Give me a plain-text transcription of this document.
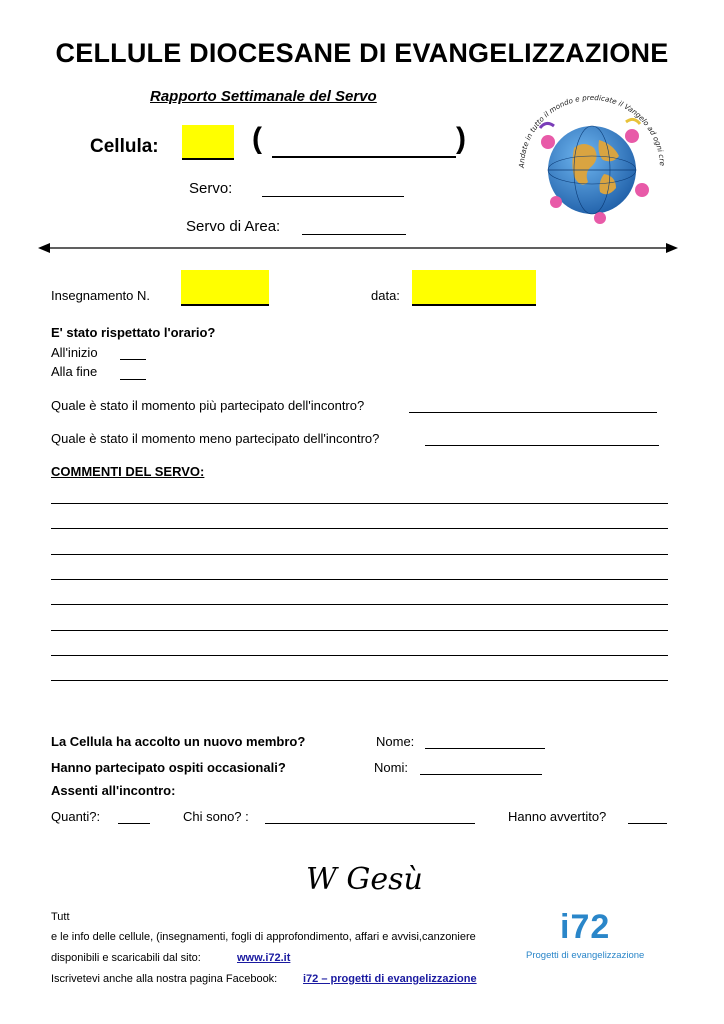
CELLULE DIOCESANE DI EVANGELIZZAZIONE
Rapporto Settimanale del Servo
Cellula:	(	)
Servo:
Servo di Area:
Andate in tutto il mondo e predicate il Vangelo ad ogni cre
Insegnamento N.	data:
E' stato rispettato l'orario?
All'inizio
Alla fine
Quale è stato il momento più partecipato dell'incontro?
Quale è stato il momento meno partecipato dell'incontro?
COMMENTI DEL SERVO:
La Cellula ha accolto un nuovo membro?	Nome:
Hanno partecipato ospiti occasionali?	Nomi:
Assenti all'incontro:
Quanti?:	Chi sono? :	Hanno avvertito?
W Gesù
Tutt
e le info delle cellule, (insegnamenti, fogli di approfondimento, affari e avvisi,canzoniere
disponibili e scaricabili dal sito:	www.i72.it
Iscrivetevi anche alla nostra pagina Facebook: i72 – progetti di evangelizzazione
i72
Progetti di evangelizzazione
